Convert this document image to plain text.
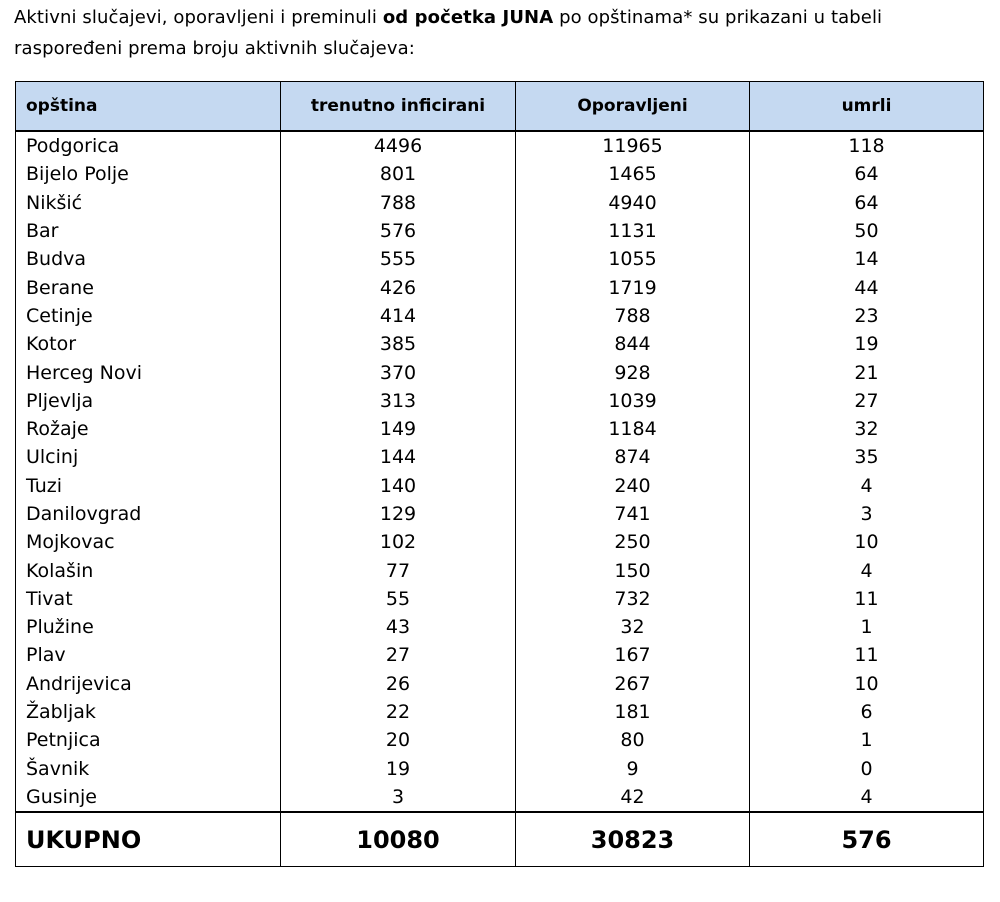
Aktivni slučajevi, oporavljeni i preminuli od početka JUNA po opštinama* su prikazani u tabeli raspoređeni prema broju aktivnih slučajeva:
opština	trenutno inficirani	Oporavljeni	umrli
Podgorica	4496	11965	118
Bijelo Polje	801	1465	64
Nikšić	788	4940	64
Bar	576	1131	50
Budva	555	1055	14
Berane	426	1719	44
Cetinje	414	788	23
Kotor	385	844	19
Herceg Novi	370	928	21
Pljevlja	313	1039	27
Rožaje	149	1184	32
Ulcinj	144	874	35
Tuzi	140	240	4
Danilovgrad	129	741	3
Mojkovac	102	250	10
Kolašin	77	150	4
Tivat	55	732	11
Plužine	43	32	1
Plav	27	167	11
Andrijevica	26	267	10
Žabljak	22	181	6
Petnjica	20	80	1
Šavnik	19	9	0
Gusinje	3	42	4
UKUPNO	10080	30823	576
